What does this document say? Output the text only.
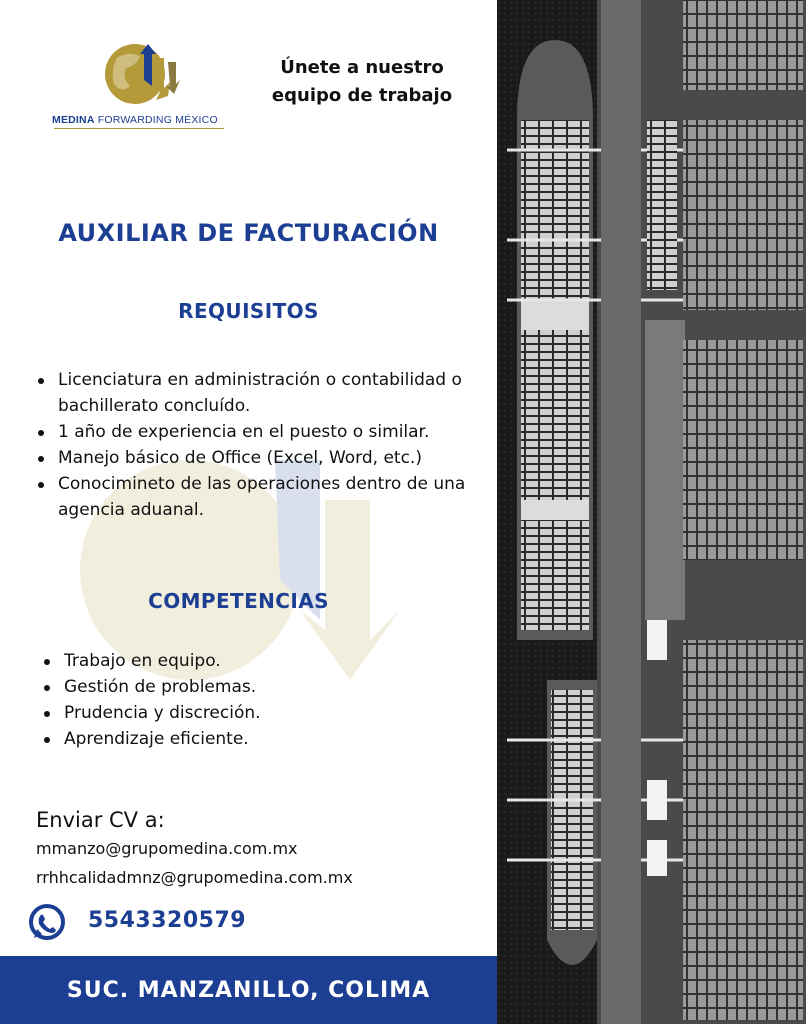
MEDINA FORWARDING MÉXICO
Únete a nuestro
equipo de trabajo
AUXILIAR DE FACTURACIÓN
REQUISITOS
Licenciatura en administración o contabilidad o bachillerato concluído.
1 año de experiencia en el puesto o similar.
Manejo básico de Office (Excel, Word, etc.)
Conocimineto de las operaciones dentro de una agencia aduanal.
COMPETENCIAS
Trabajo en equipo.
Gestión de problemas.
Prudencia y discreción.
Aprendizaje eficiente.
Enviar CV a:
mmanzo@grupomedina.com.mx
rrhhcalidadmnz@grupomedina.com.mx
5543320579
SUC. MANZANILLO, COLIMA
